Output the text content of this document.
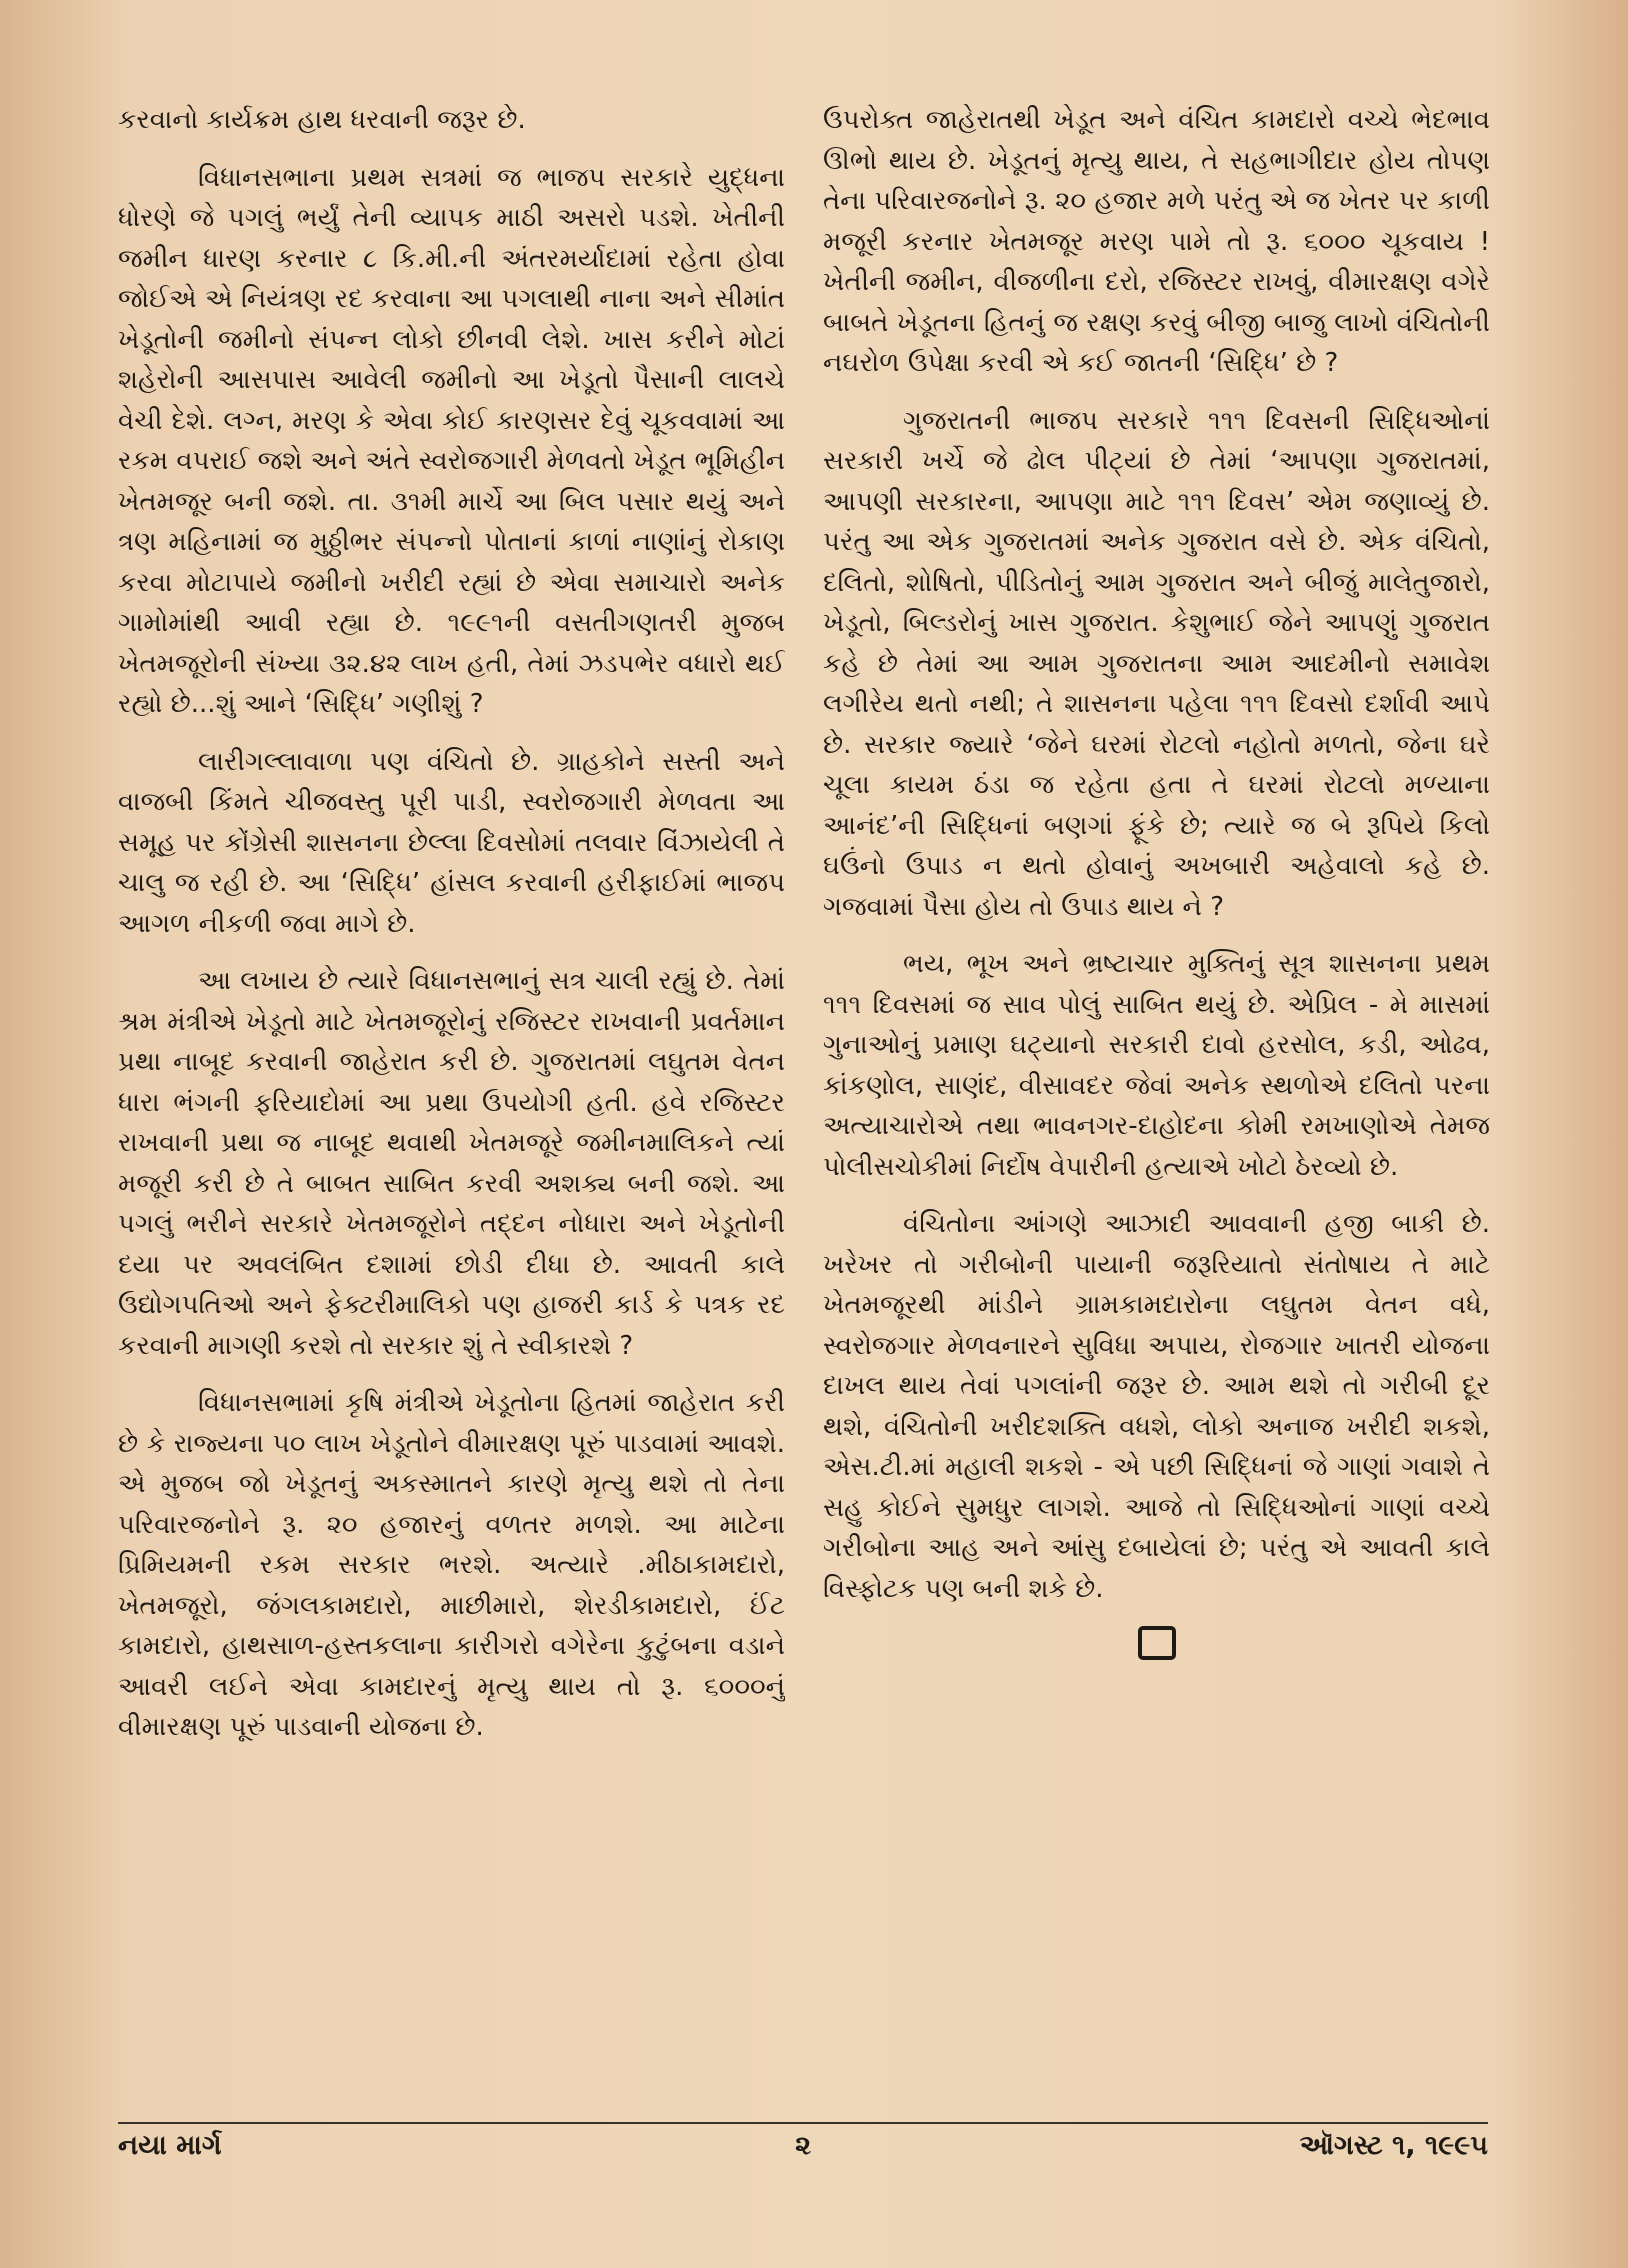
કરવાનો કાર્યક્રમ હાથ ધરવાની જરૂર છે.

વિધાનસભાના પ્રથમ સત્રમાં જ ભાજપ સરકારે યુદ્ધના ધોરણે જે પગલું ભર્યું તેની વ્યાપક માઠી અસરો પડશે. ખેતીની જમીન ધારણ કરનાર ૮ કિ.મી.ની અંતરમર્યાદામાં રહેતા હોવા જોઈએ એ નિયંત્રણ રદ કરવાના આ પગલાથી નાના અને સીમાંત ખેડૂતોની જમીનો સંપન્ન લોકો છીનવી લેશે. ખાસ કરીને મોટાં શહેરોની આસપાસ આવેલી જમીનો આ ખેડૂતો પૈસાની લાલચે વેચી દેશે. લગ્ન, મરણ કે એવા કોઈ કારણસર દેવું ચૂકવવામાં આ રકમ વપરાઈ જશે અને અંતે સ્વરોજગારી મેળવતો ખેડૂત ભૂમિહીન ખેતમજૂર બની જશે. તા. ૩૧મી માર્ચે આ બિલ પસાર થયું અને ત્રણ મહિનામાં જ મુઠ્ઠીભર સંપન્નો પોતાનાં કાળાં નાણાંનું રોકાણ કરવા મોટાપાયે જમીનો ખરીદી રહ્યાં છે એવા સમાચારો અનેક ગામોમાંથી આવી રહ્યા છે. ૧૯૯૧ની વસતીગણતરી મુજબ ખેતમજૂરોની સંખ્યા ૩૨.૪૨ લાખ હતી, તેમાં ઝડપભેર વધારો થઈ રહ્યો છે...શું આને ‘સિદ્ધિ’ ગણીશું ?

લારીગલ્લાવાળા પણ વંચિતો છે. ગ્રાહકોને સસ્તી અને વાજબી કિંમતે ચીજવસ્તુ પૂરી પાડી, સ્વરોજગારી મેળવતા આ સમૂહ પર કોંગ્રેસી શાસનના છેલ્લા દિવસોમાં તલવાર વિંઝાયેલી તે ચાલુ જ રહી છે. આ ‘સિદ્ધિ’ હાંસલ કરવાની હરીફાઈમાં ભાજપ આગળ નીકળી જવા માગે છે.

આ લખાય છે ત્યારે વિધાનસભાનું સત્ર ચાલી રહ્યું છે. તેમાં શ્રમ મંત્રીએ ખેડૂતો માટે ખેતમજૂરોનું રજિસ્ટર રાખવાની પ્રવર્તમાન પ્રથા નાબૂદ કરવાની જાહેરાત કરી છે. ગુજરાતમાં લઘુતમ વેતન ધારા ભંગની ફરિયાદોમાં આ પ્રથા ઉપયોગી હતી. હવે રજિસ્ટર રાખવાની પ્રથા જ નાબૂદ થવાથી ખેતમજૂરે જમીનમાલિકને ત્યાં મજૂરી કરી છે તે બાબત સાબિત કરવી અશક્ય બની જશે. આ પગલું ભરીને સરકારે ખેતમજૂરોને તદ્દન નોધારા અને ખેડૂતોની દયા પર અવલંબિત દશામાં છોડી દીધા છે. આવતી કાલે ઉદ્યોગપતિઓ અને ફેક્ટરીમાલિકો પણ હાજરી કાર્ડ કે પત્રક રદ કરવાની માગણી કરશે તો સરકાર શું તે સ્વીકારશે ?

વિધાનસભામાં કૃષિ મંત્રીએ ખેડૂતોના હિતમાં જાહેરાત કરી છે કે રાજ્યના ૫૦ લાખ ખેડૂતોને વીમારક્ષણ પૂરું પાડવામાં આવશે. એ મુજબ જો ખેડૂતનું અકસ્માતને કારણે મૃત્યુ થશે તો તેના પરિવારજનોને રૂ. ૨૦ હજારનું વળતર મળશે. આ માટેના પ્રિમિયમની રકમ સરકાર ભરશે. અત્યારે .મીઠાકામદારો, ખેતમજૂરો, જંગલકામદારો, માછીમારો, શેરડીકામદારો, ઈંટ કામદારો, હાથસાળ-હસ્તકલાના કારીગરો વગેરેના કુટુંબના વડાને આવરી લઈને એવા કામદારનું મૃત્યુ થાય તો રૂ. ૬૦૦૦નું વીમારક્ષણ પૂરું પાડવાની યોજના છે.

ઉપરોક્ત જાહેરાતથી ખેડૂત અને વંચિત કામદારો વચ્ચે ભેદભાવ ઊભો થાય છે. ખેડૂતનું મૃત્યુ થાય, તે સહભાગીદાર હોય તોપણ તેના પરિવારજનોને રૂ. ૨૦ હજાર મળે પરંતુ એ જ ખેતર પર કાળી મજૂરી કરનાર ખેતમજૂર મરણ પામે તો રૂ. ૬૦૦૦ ચૂકવાય ! ખેતીની જમીન, વીજળીના દરો, રજિસ્ટર રાખવું, વીમારક્ષણ વગેરે બાબતે ખેડૂતના હિતનું જ રક્ષણ કરવું બીજી બાજુ લાખો વંચિતોની નઘરોળ ઉપેક્ષા કરવી એ કઈ જાતની ‘સિદ્ધિ’ છે ?

ગુજરાતની ભાજપ સરકારે ૧૧૧ દિવસની સિદ્ધિઓનાં સરકારી ખર્ચે જે ઢોલ પીટ્યાં છે તેમાં ‘આપણા ગુજરાતમાં, આપણી સરકારના, આપણા માટે ૧૧૧ દિવસ’ એમ જણાવ્યું છે. પરંતુ આ એક ગુજરાતમાં અનેક ગુજરાત વસે છે. એક વંચિતો, દલિતો, શોષિતો, પીડિતોનું આમ ગુજરાત અને બીજું માલેતુજારો, ખેડૂતો, બિલ્ડરોનું ખાસ ગુજરાત. કેશુભાઈ જેને આપણું ગુજરાત કહે છે તેમાં આ આમ ગુજરાતના આમ આદમીનો સમાવેશ લગીરેય થતો નથી; તે શાસનના પહેલા ૧૧૧ દિવસો દર્શાવી આપે છે. સરકાર જ્યારે ‘જેને ઘરમાં રોટલો નહોતો મળતો, જેના ઘરે ચૂલા કાયમ ઠંડા જ રહેતા હતા તે ઘરમાં રોટલો મળ્યાના આનંદ’ની સિદ્ધિનાં બણગાં ફૂંકે છે; ત્યારે જ બે રૂપિયે કિલો ઘઉંનો ઉપાડ ન થતો હોવાનું અખબારી અહેવાલો કહે છે. ગજવામાં પૈસા હોય તો ઉપાડ થાય ને ?

ભય, ભૂખ અને ભ્રષ્ટાચાર મુક્તિનું સૂત્ર શાસનના પ્રથમ ૧૧૧ દિવસમાં જ સાવ પોલું સાબિત થયું છે. એપ્રિલ - મે માસમાં ગુનાઓનું પ્રમાણ ઘટ્યાનો સરકારી દાવો હરસોલ, કડી, ઓઢવ, કાંકણોલ, સાણંદ, વીસાવદર જેવાં અનેક સ્થળોએ દલિતો પરના અત્યાચારોએ તથા ભાવનગર-દાહોદના કોમી રમખાણોએ તેમજ પોલીસચોકીમાં નિર્દોષ વેપારીની હત્યાએ ખોટો ઠેરવ્યો છે.

વંચિતોના આંગણે આઝાદી આવવાની હજી બાકી છે. ખરેખર તો ગરીબોની પાયાની જરૂરિયાતો સંતોષાય તે માટે ખેતમજૂરથી માંડીને ગ્રામકામદારોના લઘુતમ વેતન વધે, સ્વરોજગાર મેળવનારને સુવિધા અપાય, રોજગાર ખાતરી યોજના દાખલ થાય તેવાં પગલાંની જરૂર છે. આમ થશે તો ગરીબી દૂર થશે, વંચિતોની ખરીદશક્તિ વધશે, લોકો અનાજ ખરીદી શકશે, એસ.ટી.માં મહાલી શકશે - એ પછી સિદ્ધિનાં જે ગાણાં ગવાશે તે સહુ કોઈને સુમધુર લાગશે. આજે તો સિદ્ધિઓનાં ગાણાં વચ્ચે ગરીબોના આહ અને આંસુ દબાયેલાં છે; પરંતુ એ આવતી કાલે વિસ્ફોટક પણ બની શકે છે.

નયા માર્ગ	૨	ઑગસ્ટ ૧, ૧૯૯૫
